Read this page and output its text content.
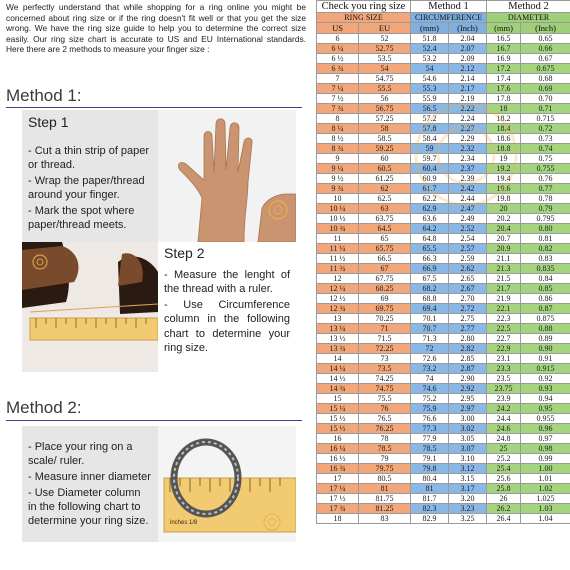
We perfectly understand that while shopping for a ring online you might be concerned about ring size or if the ring doesn't fit well or that you get the size wrong. We have the ring size guide to help you to determine the correct size easily. Our ring size chart is accurate to US and EU International standards. Here there are 2 methods to measure your finger size :
Method 1:
Step 1

- Cut a thin strip of paper or thread.

- Wrap the paper/thread around your finger.

- Mark the spot where paper/thread meets.

Step 2

- Measure the lenght of the thread with a ruler.

- Use Circumference column in the following chart to determine your ring size.

Method 2:

- Place your ring on a scale/ ruler.

- Measure inner diameter

- Use Diameter column in the following chart to determine your ring size.	inches 1/8
Check you ring size		Method 1		Method 2	
RING SIZE		CIRCUMFERENCE		DIAMETER	
US	EU	(mm)	(Inch)	(mm)	(Inch)
6	52	51.8	2.04	16.5	0.65
6 ¼	52.75	52.4	2.07	16.7	0.66
6 ½	53.5	53.2	2.09	16.9	0.67
6 ¾	54	54	2.12	17.2	0.675
7	54.75	54.6	2.14	17.4	0.68
7 ¼	55.5	55.3	2.17	17.6	0.69
7 ½	56	55.9	2.19	17.8	0.70
7 ¾	56.75	56.5	2.22	18	0.71
8	57.25	57.2	2.24	18.2	0.715
8 ¼	58	57.8	2.27	18.4	0.72
8 ½	58.5	58.4	2.29	18.6	0.73
8 ¾	59.25	59	2.32	18.8	0.74
9	60	59.7	2.34	19	0.75
9 ¼	60.5	60.4	2.37	19.2	0.755
9 ½	61.25	60.9	2.39	19.4	0.76
9 ¾	62	61.7	2.42	19.6	0.77
10	62.5	62.2	2.44	19.8	0.78
10 ¼	63	62.9	2.47	20	0.79
10 ½	63.75	63.6	2.49	20.2	0.795
10 ¾	64.5	64.2	2.52	20.4	0.80
11	65	64.8	2.54	20.7	0.81
11 ¼	65.75	65.5	2.57	20.9	0.82
11 ½	66.5	66.3	2.59	21.1	0.83
11 ¾	67	66.9	2.62	21.3	0.835
12	67.75	67.5	2.65	21.5	0.84
12 ¼	68.25	68.2	2.67	21.7	0.85
12 ½	69	68.8	2.70	21.9	0.86
12 ¾	69.75	69.4	2.72	22.1	0.87
13	70.25	70.1	2.75	22.3	0.875
13 ¼	71	70.7	2.77	22.5	0.88
13 ½	71.5	71.3	2.80	22.7	0.89
13 ¾	72.25	72	2.82	22.9	0.90
14	73	72.6	2.85	23.1	0.91
14 ¼	73.5	73.2	2.87	23.3	0.915
14 ½	74.25	74	2.90	23.5	0.92
14 ¾	74.75	74.6	2.92	23.75	0.93
15	75.5	75.2	2.95	23.9	0.94
15 ¼	76	75.9	2.97	24.2	0.95
15 ½	76.5	76.6	3.00	24.4	0.955
15 ½	76.25	77.3	3.02	24.6	0.96
16	78	77.9	3.05	24.8	0.97
16 ¼	78.5	78.5	3.07	25	0.98
16 ½	79	79.1	3.10	25.2	0.99
16 ¾	79.75	79.8	3.12	25.4	1.00
17	80.5	80.4	3.15	25.6	1.01
17 ¼	81	81	3.17	25.8	1.02
17 ½	81.75	81.7	3.20	26	1.025
17 ¾	81.25	82.3	3.23	26.2	1.03
18	83	82.9	3.25	26.4	1.04
